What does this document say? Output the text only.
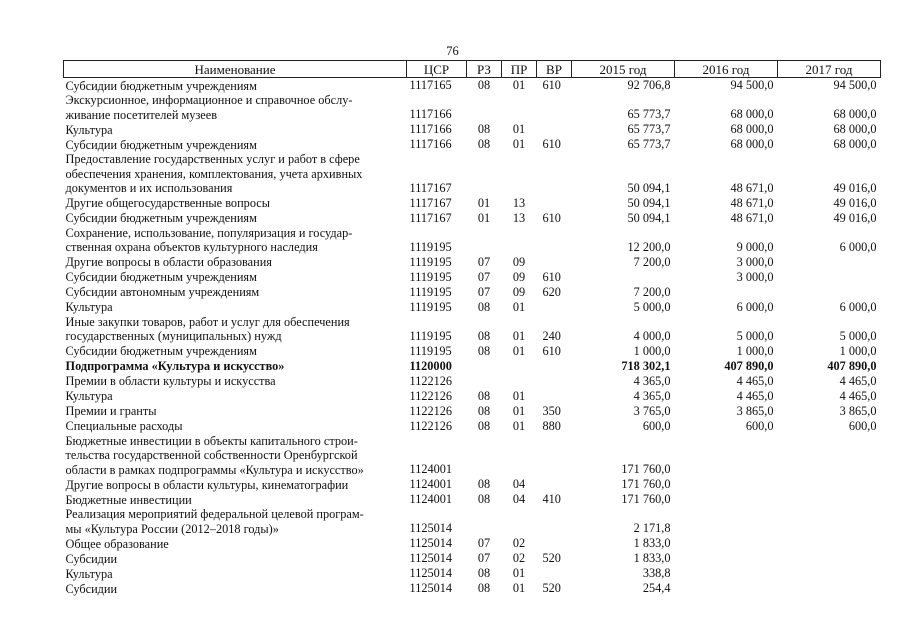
76
Наименование	ЦСР	РЗ	ПР	ВР	2015 год	2016 год	2017 год
Субсидии бюджетным учреждениям	1117165	08	01	610	92 706,8	94 500,0	94 500,0
Экскурсионное, информационное и справочное обслу-
живание посетителей музеев	1117166				65 773,7	68 000,0	68 000,0
Культура	1117166	08	01		65 773,7	68 000,0	68 000,0
Субсидии бюджетным учреждениям	1117166	08	01	610	65 773,7	68 000,0	68 000,0
Предоставление государственных услуг и работ в сфере
обеспечения хранения, комплектования, учета архивных
документов и их использования	1117167				50 094,1	48 671,0	49 016,0
Другие общегосударственные вопросы	1117167	01	13		50 094,1	48 671,0	49 016,0
Субсидии бюджетным учреждениям	1117167	01	13	610	50 094,1	48 671,0	49 016,0
Сохранение, использование, популяризация и государ-
ственная охрана объектов культурного наследия	1119195				12 200,0	9 000,0	6 000,0
Другие вопросы в области образования	1119195	07	09		7 200,0	3 000,0	
Субсидии бюджетным учреждениям	1119195	07	09	610		3 000,0	
Субсидии автономным учреждениям	1119195	07	09	620	7 200,0		
Культура	1119195	08	01		5 000,0	6 000,0	6 000,0
Иные закупки товаров, работ и услуг для обеспечения
государственных (муниципальных) нужд	1119195	08	01	240	4 000,0	5 000,0	5 000,0
Субсидии бюджетным учреждениям	1119195	08	01	610	1 000,0	1 000,0	1 000,0
Подпрограмма «Культура и искусство»	1120000				718 302,1	407 890,0	407 890,0
Премии в области культуры и искусства	1122126				4 365,0	4 465,0	4 465,0
Культура	1122126	08	01		4 365,0	4 465,0	4 465,0
Премии и гранты	1122126	08	01	350	3 765,0	3 865,0	3 865,0
Специальные расходы	1122126	08	01	880	600,0	600,0	600,0
Бюджетные инвестиции в объекты капитального строи-
тельства государственной собственности Оренбургской
области в рамках подпрограммы «Культура и искусство»	1124001				171 760,0		
Другие вопросы в области культуры, кинематографии	1124001	08	04		171 760,0		
Бюджетные инвестиции	1124001	08	04	410	171 760,0		
Реализация мероприятий федеральной целевой програм-
мы «Культура России (2012–2018 годы)»	1125014				2 171,8		
Общее образование	1125014	07	02		1 833,0		
Субсидии	1125014	07	02	520	1 833,0		
Культура	1125014	08	01		338,8		
Субсидии	1125014	08	01	520	254,4		
